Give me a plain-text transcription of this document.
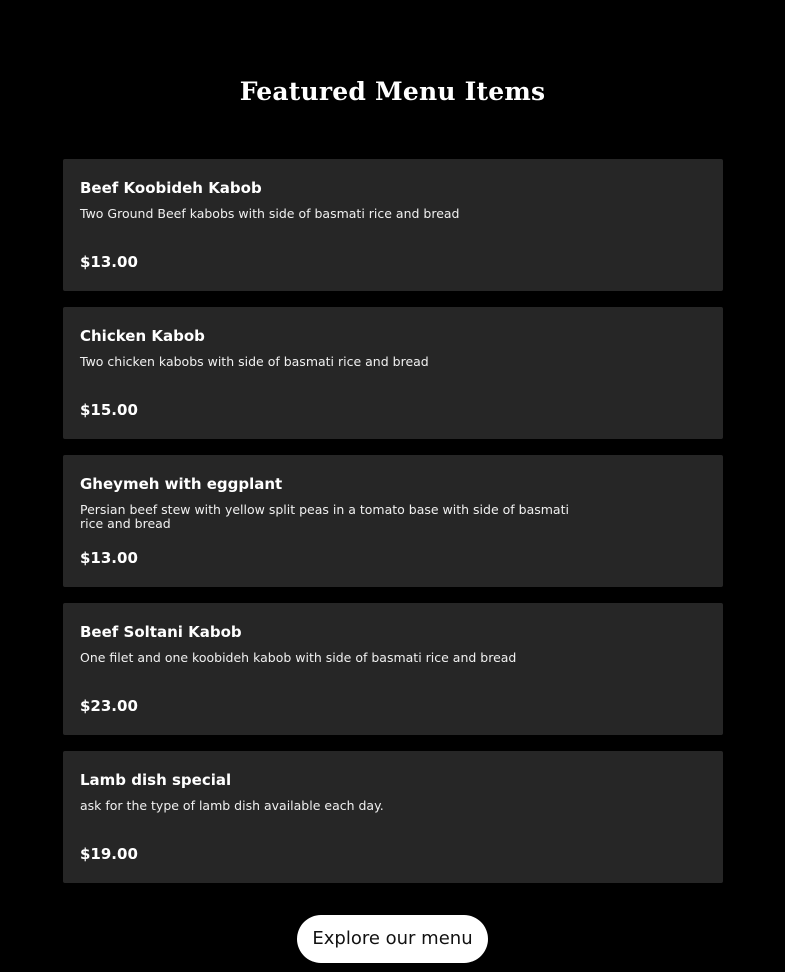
Featured Menu Items
Beef Koobideh Kabob
Two Ground Beef kabobs with side of basmati rice and bread
$13.00
Chicken Kabob
Two chicken kabobs with side of basmati rice and bread
$15.00
Gheymeh with eggplant
Persian beef stew with yellow split peas in a tomato base with side of basmati rice and bread
$13.00
Beef Soltani Kabob
One filet and one koobideh kabob with side of basmati rice and bread
$23.00
Lamb dish special
ask for the type of lamb dish available each day.
$19.00
Explore our menu
